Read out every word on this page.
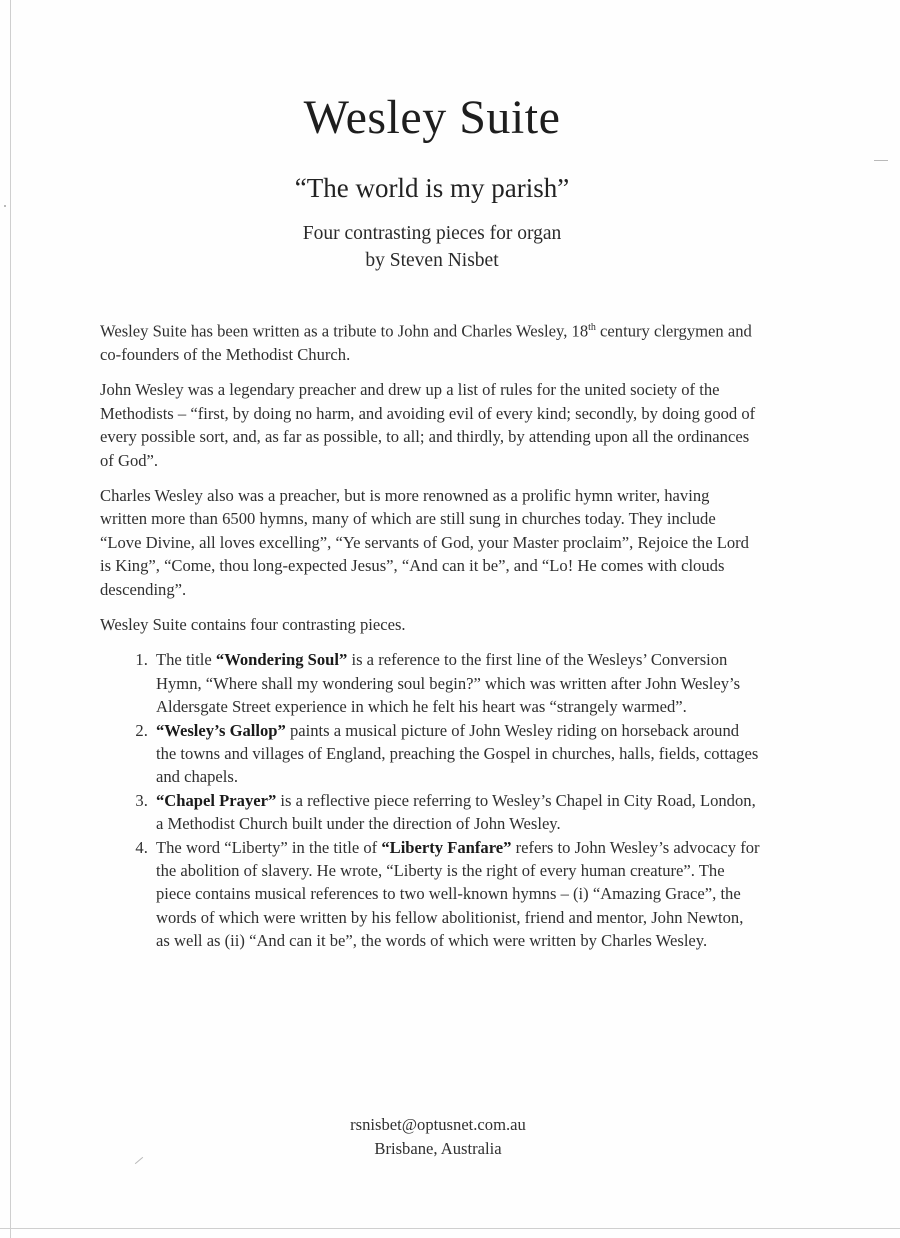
Wesley Suite
“The world is my parish”
Four contrasting pieces for organ
by Steven Nisbet

Wesley Suite has been written as a tribute to John and Charles Wesley, 18th century clergymen and co-founders of the Methodist Church.

John Wesley was a legendary preacher and drew up a list of rules for the united society of the Methodists – “first, by doing no harm, and avoiding evil of every kind; secondly, by doing good of every possible sort, and, as far as possible, to all; and thirdly, by attending upon all the ordinances of God”.

Charles Wesley also was a preacher, but is more renowned as a prolific hymn writer, having written more than 6500 hymns, many of which are still sung in churches today. They include “Love Divine, all loves excelling”, “Ye servants of God, your Master proclaim”, Rejoice the Lord is King”, “Come, thou long-expected Jesus”, “And can it be”, and “Lo! He comes with clouds descending”.

Wesley Suite contains four contrasting pieces.

1. The title “Wondering Soul” is a reference to the first line of the Wesleys’ Conversion Hymn, “Where shall my wondering soul begin?” which was written after John Wesley’s Aldersgate Street experience in which he felt his heart was “strangely warmed”.
2. “Wesley’s Gallop” paints a musical picture of John Wesley riding on horseback around the towns and villages of England, preaching the Gospel in churches, halls, fields, cottages and chapels.
3. “Chapel Prayer” is a reflective piece referring to Wesley’s Chapel in City Road, London, a Methodist Church built under the direction of John Wesley.
4. The word “Liberty” in the title of “Liberty Fanfare” refers to John Wesley’s advocacy for the abolition of slavery. He wrote, “Liberty is the right of every human creature”. The piece contains musical references to two well-known hymns – (i) “Amazing Grace”, the words of which were written by his fellow abolitionist, friend and mentor, John Newton, as well as (ii) “And can it be”, the words of which were written by Charles Wesley.
rsnisbet@optusnet.com.au
Brisbane, Australia
